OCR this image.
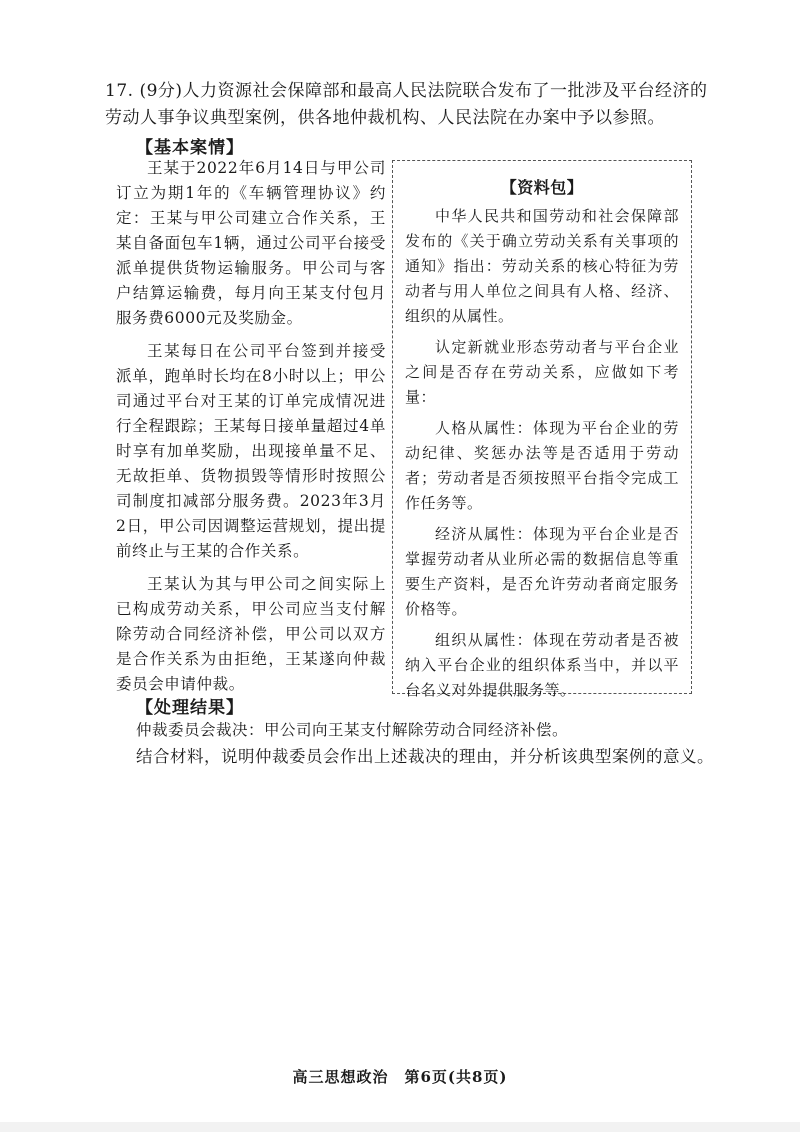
17. (9分)人力资源社会保障部和最高人民法院联合发布了一批涉及平台经济的劳动人事争议典型案例，供各地仲裁机构、人民法院在办案中予以参照。
【基本案情】

王某于2022年6月14日与甲公司订立为期1年的《车辆管理协议》约定：王某与甲公司建立合作关系，王某自备面包车1辆，通过公司平台接受派单提供货物运输服务。甲公司与客户结算运输费，每月向王某支付包月服务费6000元及奖励金。

王某每日在公司平台签到并接受派单，跑单时长均在8小时以上；甲公司通过平台对王某的订单完成情况进行全程跟踪；王某每日接单量超过4单时享有加单奖励，出现接单量不足、无故拒单、货物损毁等情形时按照公司制度扣减部分服务费。2023年3月2日，甲公司因调整运营规划，提出提前终止与王某的合作关系。

王某认为其与甲公司之间实际上已构成劳动关系，甲公司应当支付解除劳动合同经济补偿，甲公司以双方是合作关系为由拒绝，王某遂向仲裁委员会申请仲裁。

【资料包】

中华人民共和国劳动和社会保障部发布的《关于确立劳动关系有关事项的通知》指出：劳动关系的核心特征为劳动者与用人单位之间具有人格、经济、组织的从属性。

认定新就业形态劳动者与平台企业之间是否存在劳动关系，应做如下考量：

人格从属性：体现为平台企业的劳动纪律、奖惩办法等是否适用于劳动者；劳动者是否须按照平台指令完成工作任务等。

经济从属性：体现为平台企业是否掌握劳动者从业所必需的数据信息等重要生产资料，是否允许劳动者商定服务价格等。

组织从属性：体现在劳动者是否被纳入平台企业的组织体系当中，并以平台名义对外提供服务等。

【处理结果】
仲裁委员会裁决：甲公司向王某支付解除劳动合同经济补偿。
结合材料，说明仲裁委员会作出上述裁决的理由，并分析该典型案例的意义。
高三思想政治　第6页(共8页)
